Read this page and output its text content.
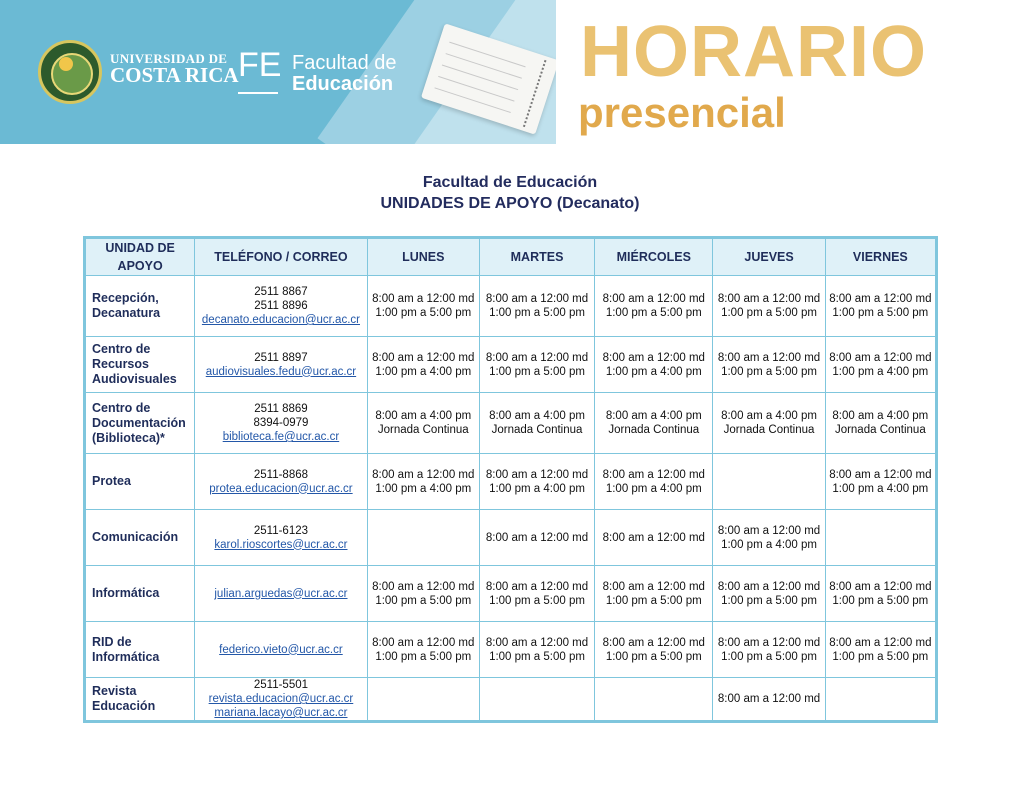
UNIVERSIDAD DE
COSTA RICA FE Facultad de
Educación	HORARIO
presencial
Facultad de Educación
UNIDADES DE APOYO (Decanato)
UNIDAD DE APOYO	TELÉFONO / CORREO	LUNES	MARTES	MIÉRCOLES	JUEVES	VIERNES

Recepción,
Decanatura	2511 8867
2511 8896
decanato.educacion@ucr.ac.cr	8:00 am a 12:00 md
1:00 pm a 5:00 pm	8:00 am a 12:00 md
1:00 pm a 5:00 pm	8:00 am a 12:00 md
1:00 pm a 5:00 pm	8:00 am a 12:00 md
1:00 pm a 5:00 pm	8:00 am a 12:00 md
1:00 pm a 5:00 pm

Centro de
Recursos
Audiovisuales	2511 8897
audiovisuales.fedu@ucr.ac.cr	8:00 am a 12:00 md
1:00 pm a 4:00 pm	8:00 am a 12:00 md
1:00 pm a 5:00 pm	8:00 am a 12:00 md
1:00 pm a 4:00 pm	8:00 am a 12:00 md
1:00 pm a 5:00 pm	8:00 am a 12:00 md
1:00 pm a 4:00 pm

Centro de
Documentación
(Biblioteca)*	2511 8869
8394-0979
biblioteca.fe@ucr.ac.cr	8:00 am a 4:00 pm
Jornada Continua	8:00 am a 4:00 pm
Jornada Continua	8:00 am a 4:00 pm
Jornada Continua	8:00 am a 4:00 pm
Jornada Continua	8:00 am a 4:00 pm
Jornada Continua

Protea	2511-8868
protea.educacion@ucr.ac.cr	8:00 am a 12:00 md
1:00 pm a 4:00 pm	8:00 am a 12:00 md
1:00 pm a 4:00 pm	8:00 am a 12:00 md
1:00 pm a 4:00 pm		8:00 am a 12:00 md
1:00 pm a 4:00 pm

Comunicación	2511-6123
karol.rioscortes@ucr.ac.cr		8:00 am a 12:00 md	8:00 am a 12:00 md	8:00 am a 12:00 md
1:00 pm a 4:00 pm	

Informática	julian.arguedas@ucr.ac.cr	8:00 am a 12:00 md
1:00 pm a 5:00 pm	8:00 am a 12:00 md
1:00 pm a 5:00 pm	8:00 am a 12:00 md
1:00 pm a 5:00 pm	8:00 am a 12:00 md
1:00 pm a 5:00 pm	8:00 am a 12:00 md
1:00 pm a 5:00 pm

RID de
Informática	federico.vieto@ucr.ac.cr	8:00 am a 12:00 md
1:00 pm a 5:00 pm	8:00 am a 12:00 md
1:00 pm a 5:00 pm	8:00 am a 12:00 md
1:00 pm a 5:00 pm	8:00 am a 12:00 md
1:00 pm a 5:00 pm	8:00 am a 12:00 md
1:00 pm a 5:00 pm

Revista
Educación	2511-5501
revista.educacion@ucr.ac.cr
mariana.lacayo@ucr.ac.cr				8:00 am a 12:00 md	
